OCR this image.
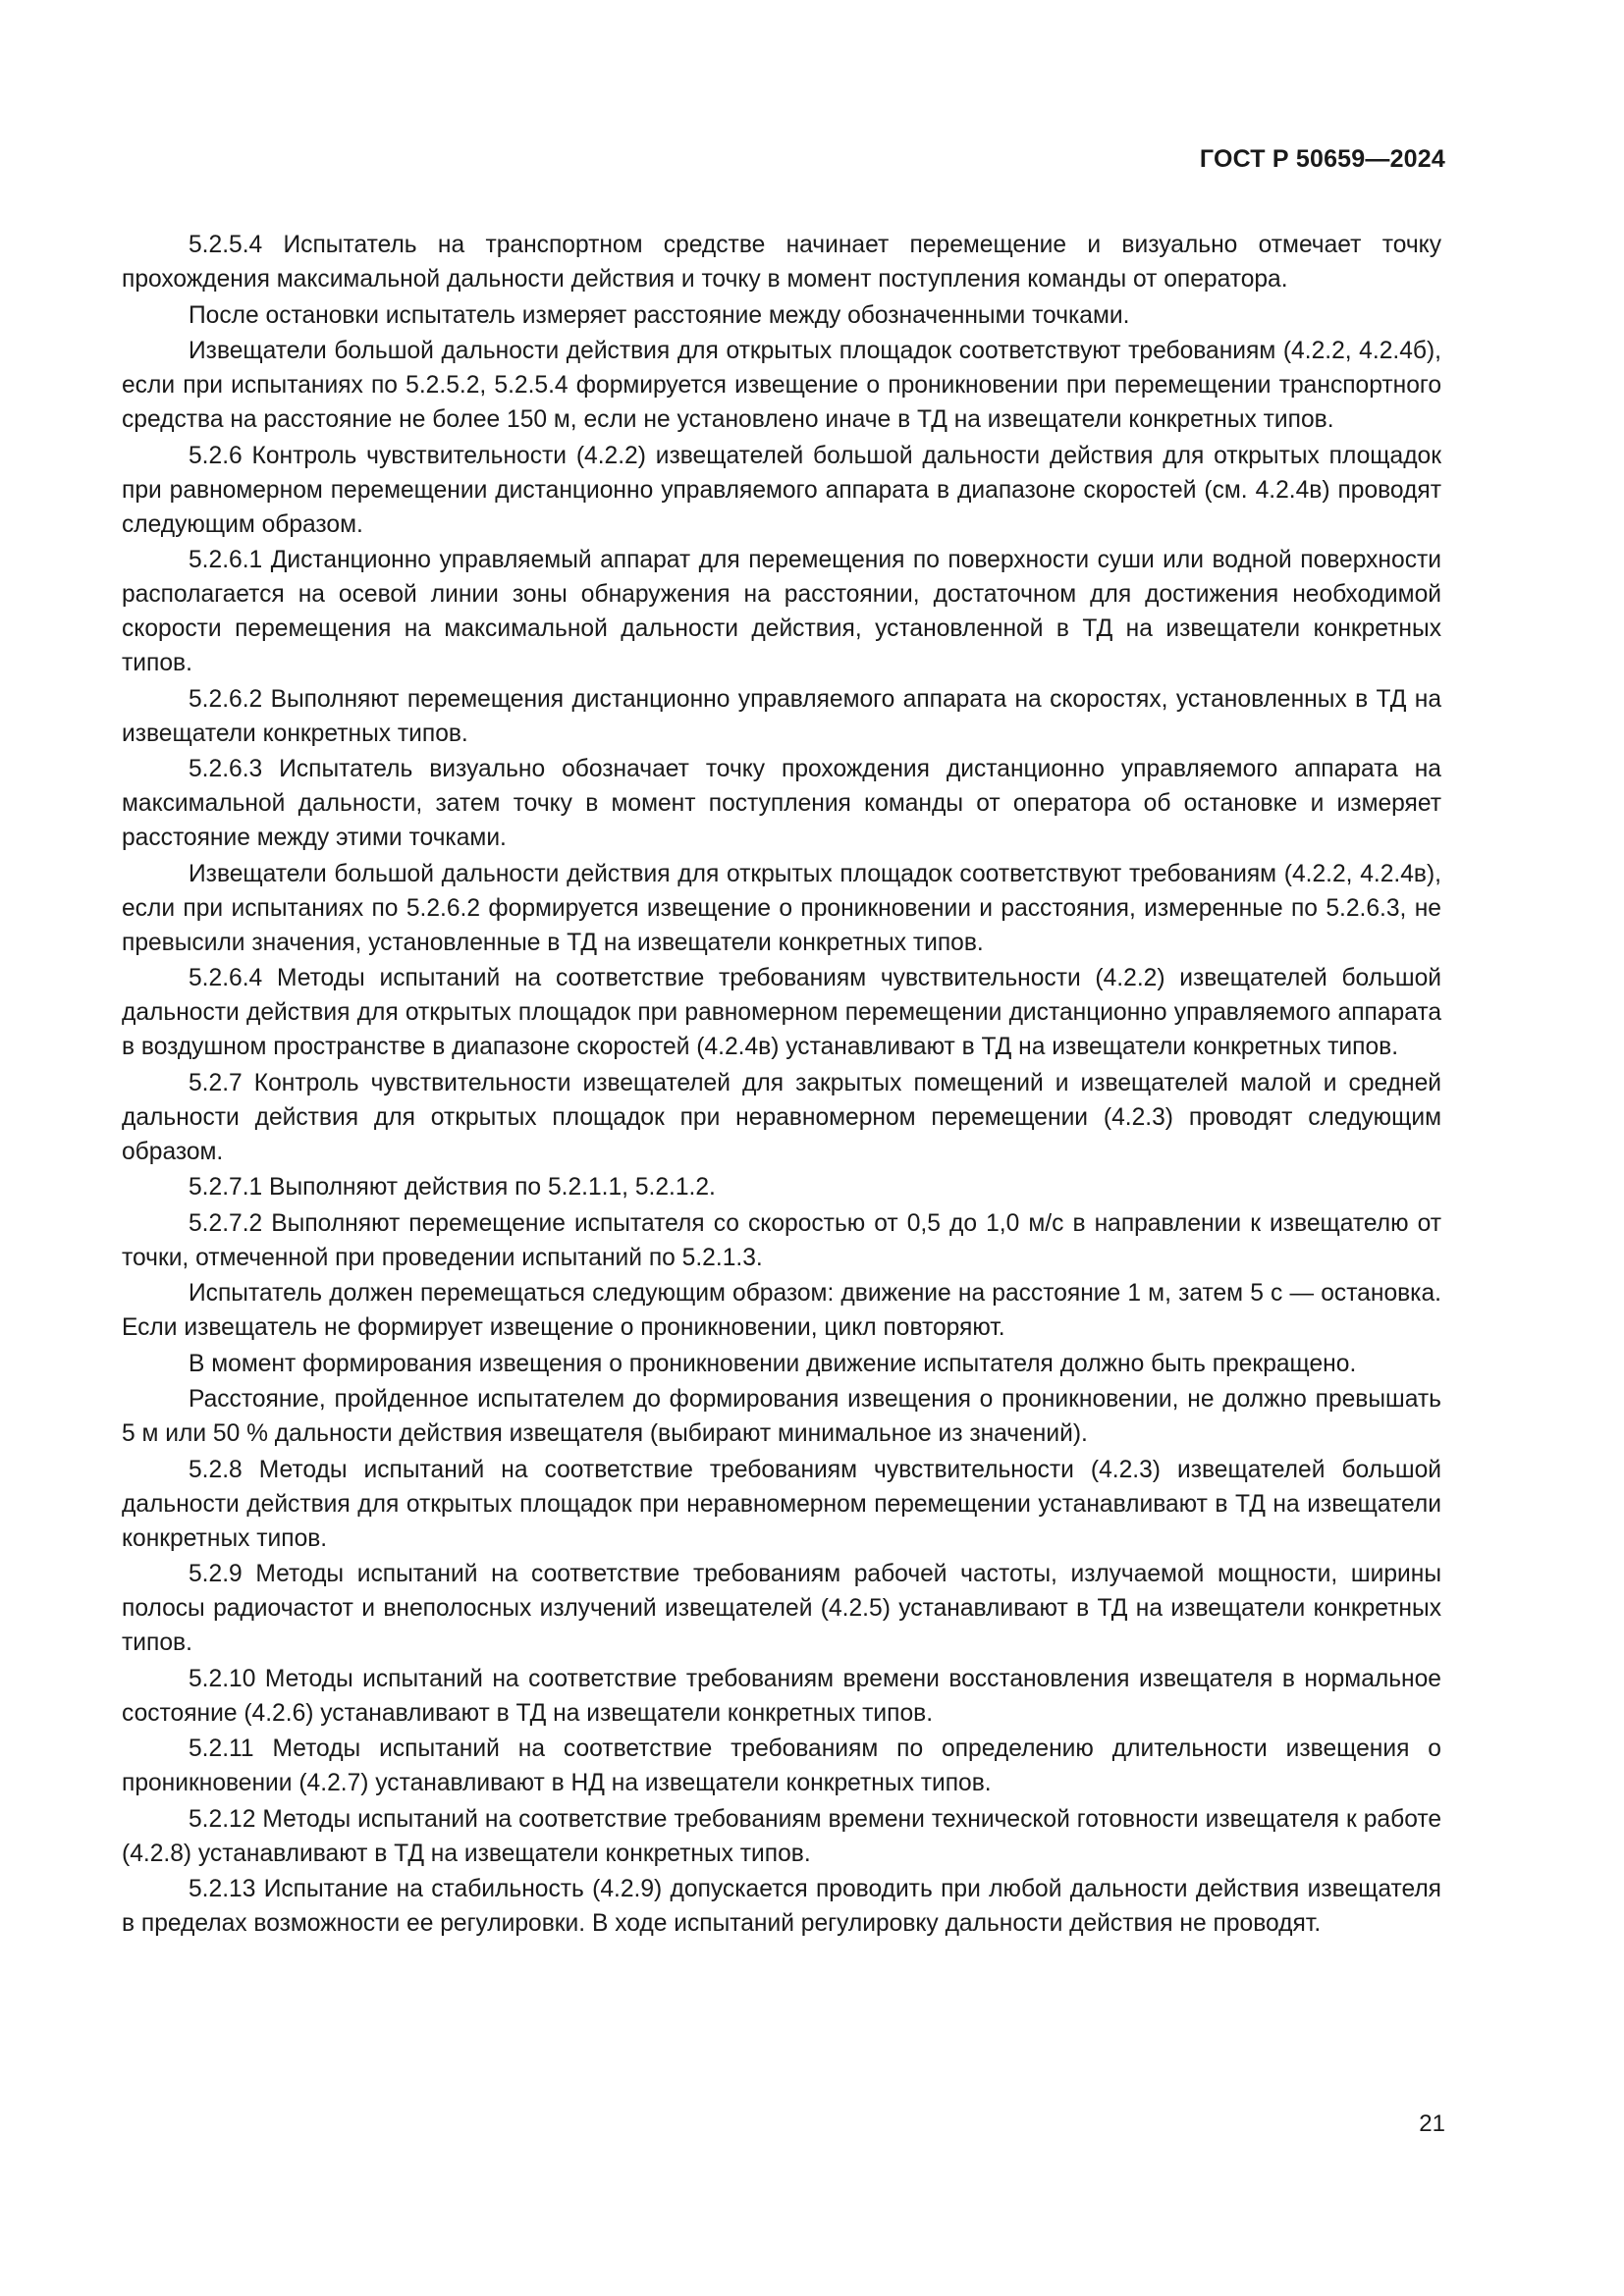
ГОСТ Р 50659—2024

5.2.5.4 Испытатель на транспортном средстве начинает перемещение и визуально отмечает точку прохождения максимальной дальности действия и точку в момент поступления команды от оператора.

После остановки испытатель измеряет расстояние между обозначенными точками.

Извещатели большой дальности действия для открытых площадок соответствуют требованиям (4.2.2, 4.2.4б), если при испытаниях по 5.2.5.2, 5.2.5.4 формируется извещение о проникновении при перемещении транспортного средства на расстояние не более 150 м, если не установлено иначе в ТД на извещатели конкретных типов.

5.2.6 Контроль чувствительности (4.2.2) извещателей большой дальности действия для открытых площадок при равномерном перемещении дистанционно управляемого аппарата в диапазоне скоростей (см. 4.2.4в) проводят следующим образом.

5.2.6.1 Дистанционно управляемый аппарат для перемещения по поверхности суши или водной поверхности располагается на осевой линии зоны обнаружения на расстоянии, достаточном для достижения необходимой скорости перемещения на максимальной дальности действия, установленной в ТД на извещатели конкретных типов.

5.2.6.2 Выполняют перемещения дистанционно управляемого аппарата на скоростях, установленных в ТД на извещатели конкретных типов.

5.2.6.3 Испытатель визуально обозначает точку прохождения дистанционно управляемого аппарата на максимальной дальности, затем точку в момент поступления команды от оператора об остановке и измеряет расстояние между этими точками.

Извещатели большой дальности действия для открытых площадок соответствуют требованиям (4.2.2, 4.2.4в), если при испытаниях по 5.2.6.2 формируется извещение о проникновении и расстояния, измеренные по 5.2.6.3, не превысили значения, установленные в ТД на извещатели конкретных типов.

5.2.6.4 Методы испытаний на соответствие требованиям чувствительности (4.2.2) извещателей большой дальности действия для открытых площадок при равномерном перемещении дистанционно управляемого аппарата в воздушном пространстве в диапазоне скоростей (4.2.4в) устанавливают в ТД на извещатели конкретных типов.

5.2.7 Контроль чувствительности извещателей для закрытых помещений и извещателей малой и средней дальности действия для открытых площадок при неравномерном перемещении (4.2.3) проводят следующим образом.

5.2.7.1 Выполняют действия по 5.2.1.1, 5.2.1.2.

5.2.7.2 Выполняют перемещение испытателя со скоростью от 0,5 до 1,0 м/с в направлении к извещателю от точки, отмеченной при проведении испытаний по 5.2.1.3.

Испытатель должен перемещаться следующим образом: движение на расстояние 1 м, затем 5 с — остановка. Если извещатель не формирует извещение о проникновении, цикл повторяют.

В момент формирования извещения о проникновении движение испытателя должно быть прекращено.

Расстояние, пройденное испытателем до формирования извещения о проникновении, не должно превышать 5 м или 50 % дальности действия извещателя (выбирают минимальное из значений).

5.2.8 Методы испытаний на соответствие требованиям чувствительности (4.2.3) извещателей большой дальности действия для открытых площадок при неравномерном перемещении устанавливают в ТД на извещатели конкретных типов.

5.2.9 Методы испытаний на соответствие требованиям рабочей частоты, излучаемой мощности, ширины полосы радиочастот и внеполосных излучений извещателей (4.2.5) устанавливают в ТД на извещатели конкретных типов.

5.2.10 Методы испытаний на соответствие требованиям времени восстановления извещателя в нормальное состояние (4.2.6) устанавливают в ТД на извещатели конкретных типов.

5.2.11 Методы испытаний на соответствие требованиям по определению длительности извещения о проникновении (4.2.7) устанавливают в НД на извещатели конкретных типов.

5.2.12 Методы испытаний на соответствие требованиям времени технической готовности извещателя к работе (4.2.8) устанавливают в ТД на извещатели конкретных типов.

5.2.13 Испытание на стабильность (4.2.9) допускается проводить при любой дальности действия извещателя в пределах возможности ее регулировки. В ходе испытаний регулировку дальности действия не проводят.

21
